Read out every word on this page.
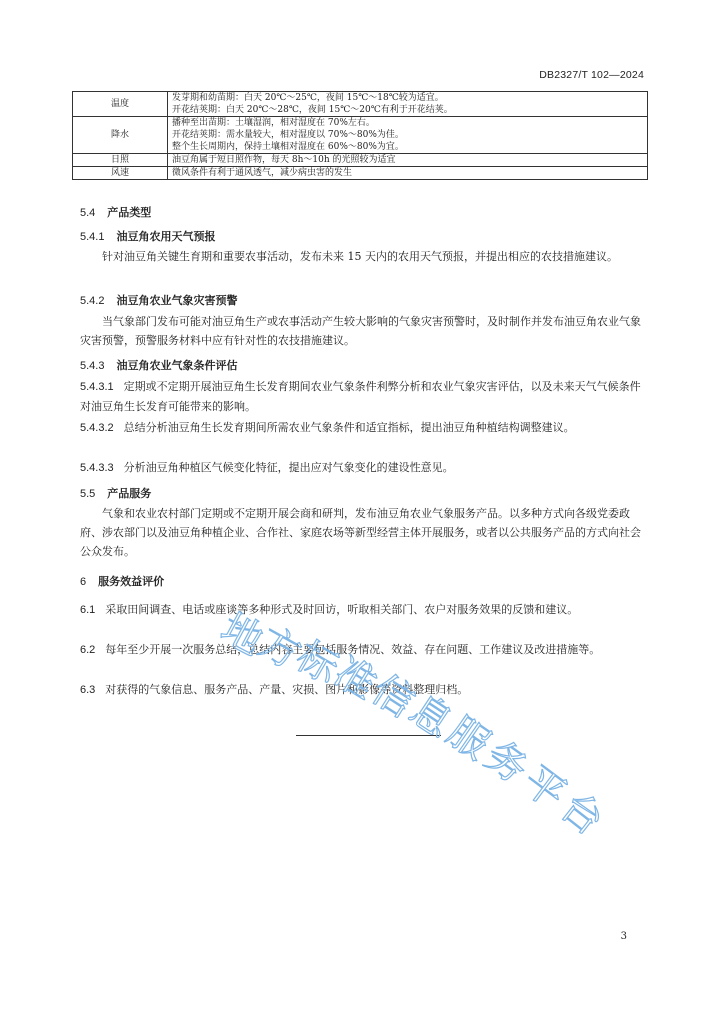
DB2327/T 102—2024
温度	发芽期和幼苗期：白天 20℃～25℃，夜间 15℃～18℃较为适宜。
开花结荚期：白天 20℃～28℃，夜间 15℃～20℃有利于开花结荚。

降水	播种至出苗期：土壤湿润，相对湿度在 70%左右。
开花结荚期：需水量较大，相对湿度以 70%～80%为佳。
整个生长周期内，保持土壤相对湿度在 60%～80%为宜。

日照	油豆角属于短日照作物，每天 8h～10h 的光照较为适宜

风速	微风条件有利于通风透气，减少病虫害的发生
5.4 产品类型
5.4.1 油豆角农用天气预报

针对油豆角关键生育期和重要农事活动，发布未来 15 天内的农用天气预报，并提出相应的农技措施建议。

5.4.2 油豆角农业气象灾害预警

当气象部门发布可能对油豆角生产或农事活动产生较大影响的气象灾害预警时，及时制作并发布油豆角农业气象灾害预警，预警服务材料中应有针对性的农技措施建议。

5.4.3 油豆角农业气象条件评估

5.4.3.1 定期或不定期开展油豆角生长发育期间农业气象条件利弊分析和农业气象灾害评估，以及未来天气气候条件对油豆角生长发育可能带来的影响。

5.4.3.2 总结分析油豆角生长发育期间所需农业气象条件和适宜指标，提出油豆角种植结构调整建议。

5.4.3.3 分析油豆角种植区气候变化特征，提出应对气象变化的建设性意见。

5.5 产品服务

气象和农业农村部门定期或不定期开展会商和研判，发布油豆角农业气象服务产品。以多种方式向各级党委政府、涉农部门以及油豆角种植企业、合作社、家庭农场等新型经营主体开展服务，或者以公共服务产品的方式向社会公众发布。

6 服务效益评价

6.1 采取田间调查、电话或座谈等多种形式及时回访，听取相关部门、农户对服务效果的反馈和建议。

6.2 每年至少开展一次服务总结，总结内容主要包括服务情况、效益、存在问题、工作建议及改进措施等。

6.3 对获得的气象信息、服务产品、产量、灾损、图片和影像等资料整理归档。

地
方
标
准
信
息
服
务
平
台
3
